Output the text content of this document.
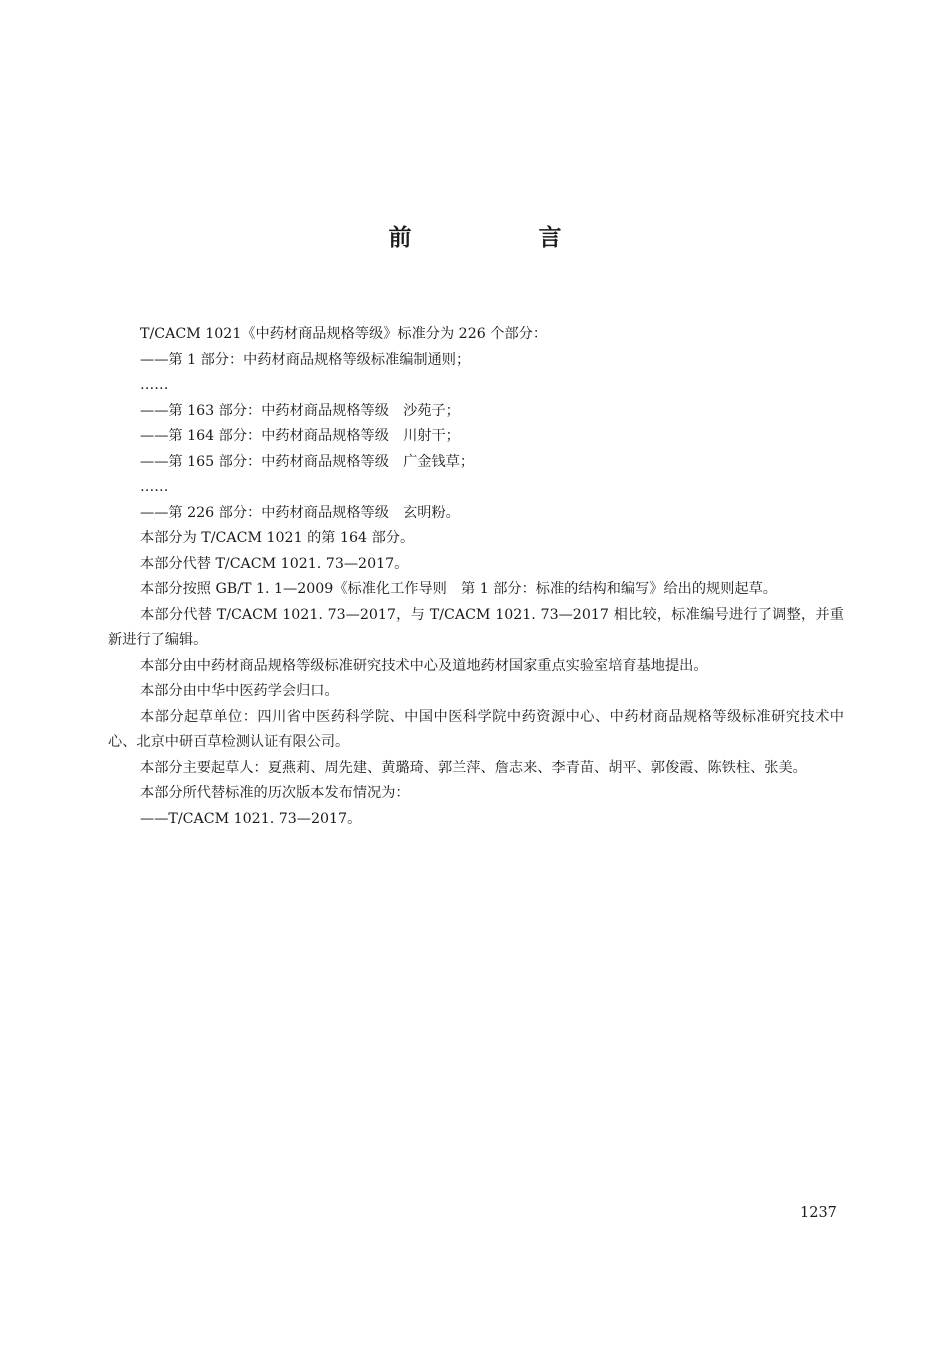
前　言
T/CACM 1021《中药材商品规格等级》标准分为 226 个部分：
——第 1 部分：中药材商品规格等级标准编制通则；
……
——第 163 部分：中药材商品规格等级　沙苑子；
——第 164 部分：中药材商品规格等级　川射干；
——第 165 部分：中药材商品规格等级　广金钱草；
……
——第 226 部分：中药材商品规格等级　玄明粉。
本部分为 T/CACM 1021 的第 164 部分。
本部分代替 T/CACM 1021. 73—2017。
本部分按照 GB/T 1. 1—2009《标准化工作导则　第 1 部分：标准的结构和编写》给出的规则起草。
本部分代替 T/CACM 1021. 73—2017，与 T/CACM 1021. 73—2017 相比较，标准编号进行了调整，并重新进行了编辑。
本部分由中药材商品规格等级标准研究技术中心及道地药材国家重点实验室培育基地提出。
本部分由中华中医药学会归口。
本部分起草单位：四川省中医药科学院、中国中医科学院中药资源中心、中药材商品规格等级标准研究技术中心、北京中研百草检测认证有限公司。
本部分主要起草人：夏燕莉、周先建、黄璐琦、郭兰萍、詹志来、李青苗、胡平、郭俊霞、陈铁柱、张美。
本部分所代替标准的历次版本发布情况为：
——T/CACM 1021. 73—2017。
1237
